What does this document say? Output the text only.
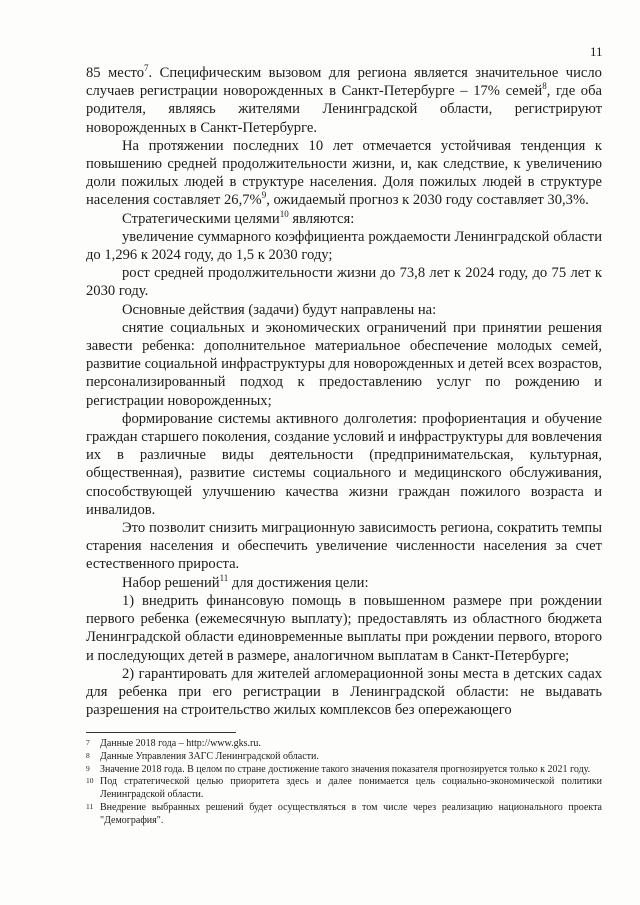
11

85 место$^7$. Специфическим вызовом для региона является значительное число случаев регистрации новорожденных в Санкт-Петербурге – 17% семей$^8$, где оба родителя, являясь жителями Ленинградской области, регистрируют новорожденных в Санкт-Петербурге.

На протяжении последних 10 лет отмечается устойчивая тенденция к повышению средней продолжительности жизни, и, как следствие, к увеличению доли пожилых людей в структуре населения. Доля пожилых людей в структуре населения составляет 26,7%$^9$, ожидаемый прогноз к 2030 году составляет 30,3%.

Стратегическими целями$^{10}$ являются:

увеличение суммарного коэффициента рождаемости Ленинградской области до 1,296 к 2024 году, до 1,5 к 2030 году;

рост средней продолжительности жизни до 73,8 лет к 2024 году, до 75 лет к 2030 году.

Основные действия (задачи) будут направлены на:

снятие социальных и экономических ограничений при принятии решения завести ребенка: дополнительное материальное обеспечение молодых семей, развитие социальной инфраструктуры для новорожденных и детей всех возрастов, персонализированный подход к предоставлению услуг по рождению и регистрации новорожденных;

формирование системы активного долголетия: профориентация и обучение граждан старшего поколения, создание условий и инфраструктуры для вовлечения их в различные виды деятельности (предпринимательская, культурная, общественная), развитие системы социального и медицинского обслуживания, способствующей улучшению качества жизни граждан пожилого возраста и инвалидов.

Это позволит снизить миграционную зависимость региона, сократить темпы старения населения и обеспечить увеличение численности населения за счет естественного прироста.

Набор решений$^{11}$ для достижения цели:

1) внедрить финансовую помощь в повышенном размере при рождении первого ребенка (ежемесячную выплату); предоставлять из областного бюджета Ленинградской области единовременные выплаты при рождении первого, второго и последующих детей в размере, аналогичном выплатам в Санкт-Петербурге;

2) гарантировать для жителей агломерационной зоны места в детских садах для ребенка при его регистрации в Ленинградской области: не выдавать разрешения на строительство жилых комплексов без опережающего

7	Данные 2018 года – http://www.gks.ru.
8	Данные Управления ЗАГС Ленинградской области.
9	Значение 2018 года. В целом по стране достижение такого значения показателя прогнозируется только к 2021 году.
10 Под стратегической целью приоритета здесь и далее понимается цель социально-экономической политики Ленинградской области.
11 Внедрение выбранных решений будет осуществляться в том числе через реализацию национального проекта "Демография".
